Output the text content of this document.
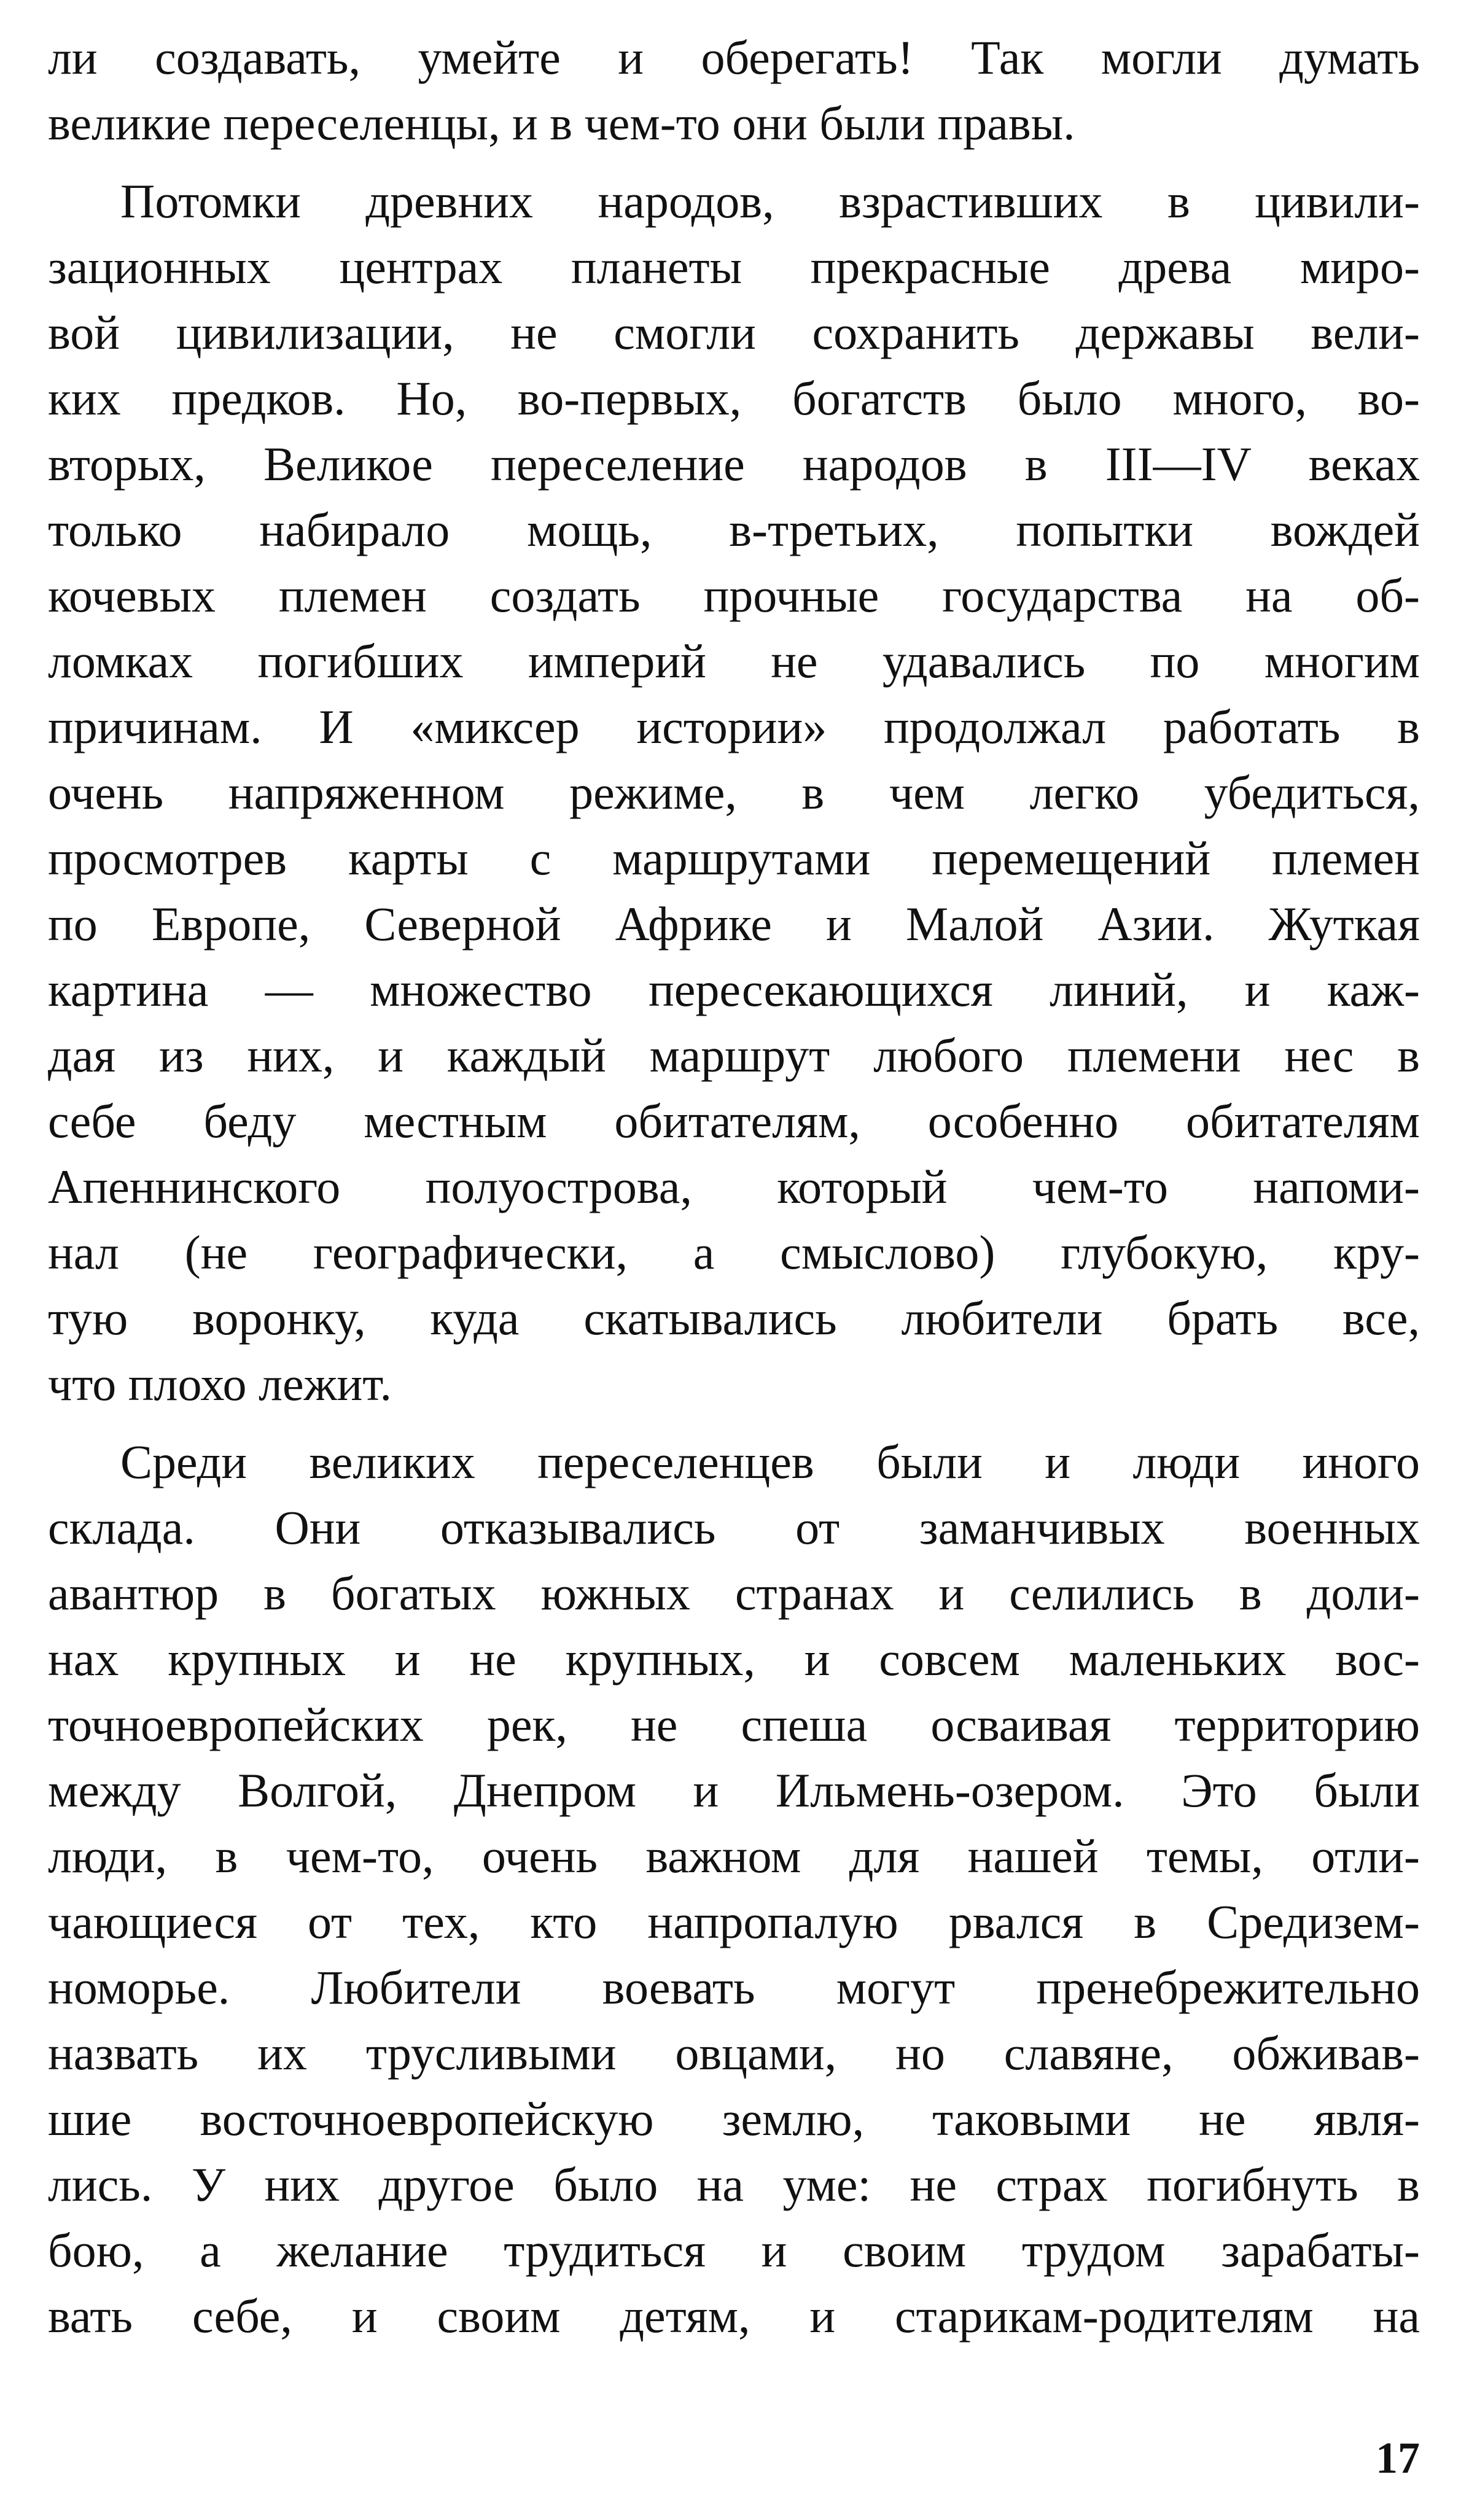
ли создавать, умейте и оберегать! Так могли думать
великие переселенцы, и в чем-то они были правы.
Потомки древних народов, взрастивших в цивили-
зационных центрах планеты прекрасные древа миро-
вой цивилизации, не смогли сохранить державы вели-
ких предков. Но, во-первых, богатств было много, во-
вторых, Великое переселение народов в III—IV веках
только набирало мощь, в-третьих, попытки вождей
кочевых племен создать прочные государства на об-
ломках погибших империй не удавались по многим
причинам. И «миксер истории» продолжал работать в
очень напряженном режиме, в чем легко убедиться,
просмотрев карты с маршрутами перемещений племен
по Европе, Северной Африке и Малой Азии. Жуткая
картина — множество пересекающихся линий, и каж-
дая из них, и каждый маршрут любого племени нес в
себе беду местным обитателям, особенно обитателям
Апеннинского полуострова, который чем-то напоми-
нал (не географически, а смыслово) глубокую, кру-
тую воронку, куда скатывались любители брать все,
что плохо лежит.
Среди великих переселенцев были и люди иного
склада. Они отказывались от заманчивых военных
авантюр в богатых южных странах и селились в доли-
нах крупных и не крупных, и совсем маленьких вос-
точноевропейских рек, не спеша осваивая территорию
между Волгой, Днепром и Ильмень-озером. Это были
люди, в чем-то, очень важном для нашей темы, отли-
чающиеся от тех, кто напропалую рвался в Средизем-
номорье. Любители воевать могут пренебрежительно
назвать их трусливыми овцами, но славяне, обживав-
шие восточноевропейскую землю, таковыми не явля-
лись. У них другое было на уме: не страх погибнуть в
бою, а желание трудиться и своим трудом зарабаты-
вать себе, и своим детям, и старикам-родителям на
17
